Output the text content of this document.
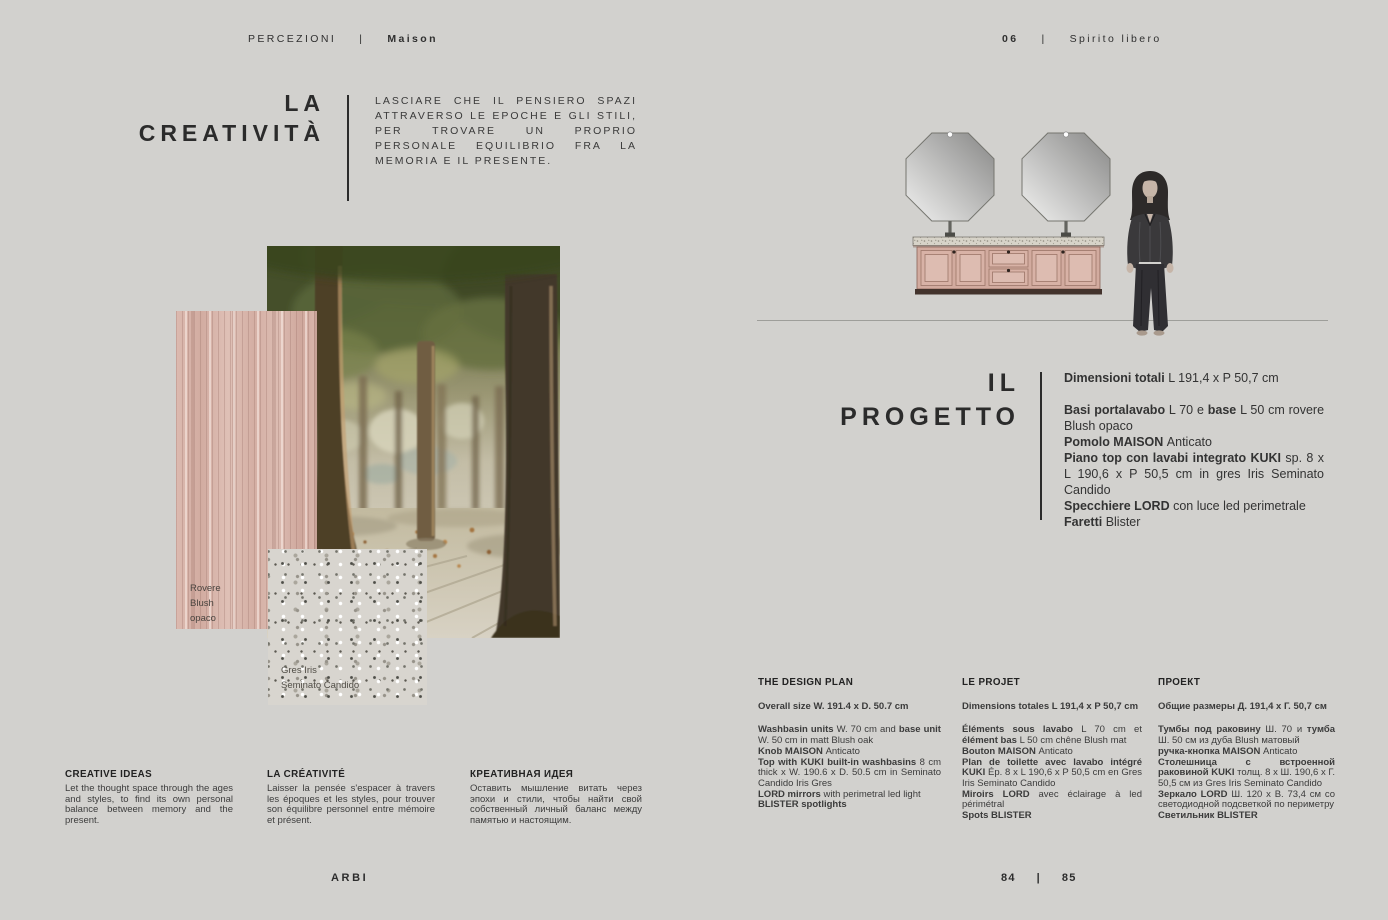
PERCEZIONI | Maison	06 | Spirito libero
LA
CREATIVITÀ
LASCIARE CHE IL PENSIERO SPAZI ATTRAVERSO LE EPOCHE E GLI STILI, PER TROVARE UN PROPRIO PERSONALE EQUILIBRIO FRA LA MEMORIA E IL PRESENTE.
Rovere
Blush
opaco
Gres Iris
Seminato Candido
CREATIVE IDEAS
Let the thought space through the ages and styles, to find its own personal balance between memory and the present.
LA CRÉATIVITÉ
Laisser la pensée s'espacer à travers les époques et les styles, pour trouver son équilibre personnel entre mémoire et présent.
КРЕАТИВНАЯ ИДЕЯ
Оставить мышление витать через эпохи и стили, чтобы найти свой собственный личный баланс между памятью и настоящим.
IL
PROGETTO
Dimensioni totali L 191,4 x P 50,7 cm
Basi portalavabo L 70 e base L 50 cm rovere Blush opaco
Pomolo MAISON Anticato
Piano top con lavabi integrato KUKI sp. 8 x L 190,6 x P 50,5 cm in gres Iris Seminato Candido
Specchiere LORD con luce led perimetrale
Faretti Blister
THE DESIGN PLAN
Overall size W. 191.4 x D. 50.7 cm
Washbasin units W. 70 cm and base unit W. 50 cm in matt Blush oak
Knob MAISON Anticato
Top with KUKI built-in washbasins 8 cm thick x W. 190.6 x D. 50.5 cm in Seminato Candido Iris Gres
LORD mirrors with perimetral led light
BLISTER spotlights
LE PROJET
Dimensions totales L 191,4 x P 50,7 cm
Éléments sous lavabo L 70 cm et élément bas L 50 cm chêne Blush mat
Bouton MAISON Anticato
Plan de toilette avec lavabo intégré KUKI Ép. 8 x L 190,6 x P 50,5 cm en Gres Iris Seminato Candido
Miroirs LORD avec éclairage à led périmétral
Spots BLISTER
ПРОЕКТ
Общие размеры Д. 191,4 х Г. 50,7 см
Тумбы под раковину Ш. 70 и тумба Ш. 50 см из дуба Blush матовый
ручка-кнопка MAISON Anticato
Столешница с встроенной раковиной KUKI толщ. 8 х Ш. 190,6 х Г. 50,5 см из Gres Iris Seminato Candido
Зеркало LORD Ш. 120 х В. 73,4 см со светодиодной подсветкой по периметру
Светильник BLISTER
ARBI	84 | 85
